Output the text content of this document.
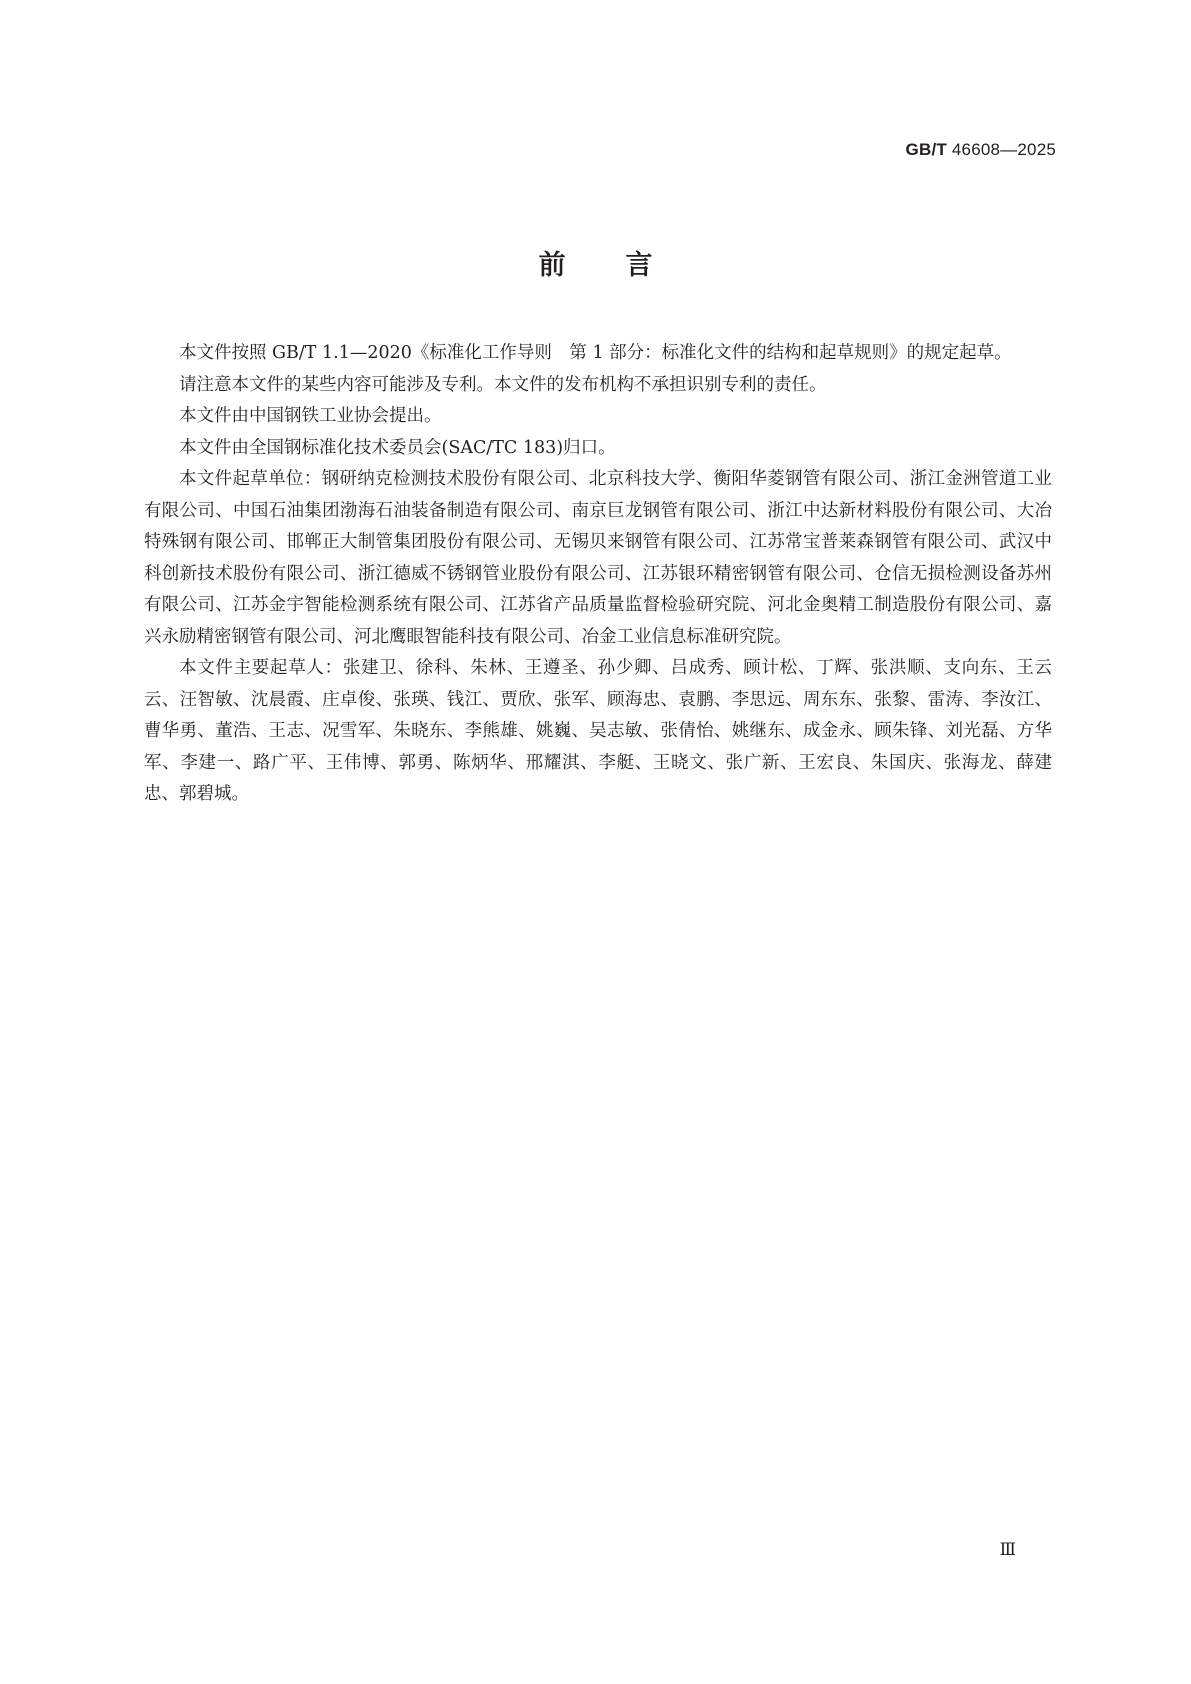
GB/T 46608—2025
前言

本文件按照 GB/T 1.1—2020《标准化工作导则　第 1 部分：标准化文件的结构和起草规则》的规定起草。

请注意本文件的某些内容可能涉及专利。本文件的发布机构不承担识别专利的责任。

本文件由中国钢铁工业协会提出。

本文件由全国钢标准化技术委员会(SAC/TC 183)归口。

本文件起草单位：钢研纳克检测技术股份有限公司、北京科技大学、衡阳华菱钢管有限公司、浙江金洲管道工业有限公司、中国石油集团渤海石油装备制造有限公司、南京巨龙钢管有限公司、浙江中达新材料股份有限公司、大冶特殊钢有限公司、邯郸正大制管集团股份有限公司、无锡贝来钢管有限公司、江苏常宝普莱森钢管有限公司、武汉中科创新技术股份有限公司、浙江德威不锈钢管业股份有限公司、江苏银环精密钢管有限公司、仓信无损检测设备苏州有限公司、江苏金宇智能检测系统有限公司、江苏省产品质量监督检验研究院、河北金奥精工制造股份有限公司、嘉兴永励精密钢管有限公司、河北鹰眼智能科技有限公司、冶金工业信息标准研究院。

本文件主要起草人：张建卫、徐科、朱林、王遵圣、孙少卿、吕成秀、顾计松、丁辉、张洪顺、支向东、王云云、汪智敏、沈晨霞、庄卓俊、张瑛、钱江、贾欣、张军、顾海忠、袁鹏、李思远、周东东、张黎、雷涛、李汝江、曹华勇、董浩、王志、况雪军、朱晓东、李熊雄、姚巍、吴志敏、张倩怡、姚继东、成金永、顾朱锋、刘光磊、方华军、李建一、路广平、王伟博、郭勇、陈炳华、邢耀淇、李艇、王晓文、张广新、王宏良、朱国庆、张海龙、薛建忠、郭碧城。

Ⅲ
